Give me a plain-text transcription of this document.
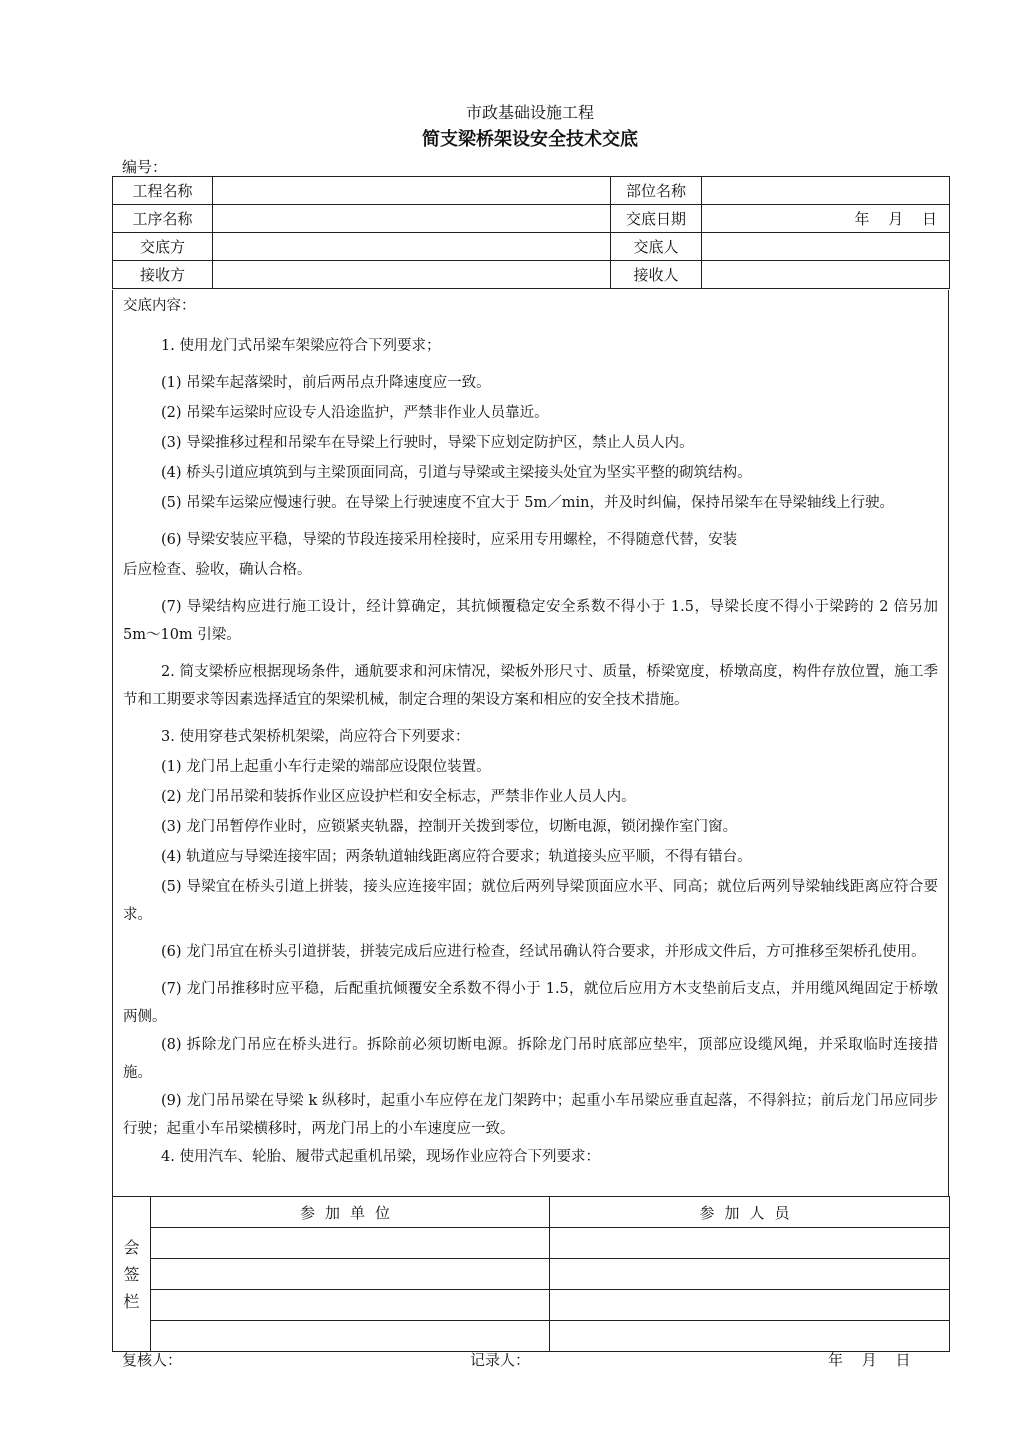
市政基础设施工程
简支梁桥架设安全技术交底
编号：
工程名称		部位名称	
工序名称		交底日期	年 月 日
交底方		交底人	
接收方		接收人	
交底内容：

1. 使用龙门式吊梁车架梁应符合下列要求；

(1) 吊梁车起落梁时，前后两吊点升降速度应一致。

(2) 吊梁车运梁时应设专人沿途监护，严禁非作业人员靠近。

(3) 导梁推移过程和吊梁车在导梁上行驶时，导梁下应划定防护区，禁止人员人内。

(4) 桥头引道应填筑到与主梁顶面同高，引道与导梁或主梁接头处宜为坚实平整的砌筑结构。

(5) 吊梁车运梁应慢速行驶。在导梁上行驶速度不宜大于 5m／min，并及时纠偏，保持吊梁车在导梁轴线上行驶。

(6) 导梁安装应平稳，导梁的节段连接采用栓接时，应采用专用螺栓，不得随意代替，安装

后应检查、验收，确认合格。

(7) 导梁结构应进行施工设计，经计算确定，其抗倾覆稳定安全系数不得小于 1.5，导梁长度不得小于梁跨的 2 倍另加 5m～10m 引梁。

2. 简支梁桥应根据现场条件，通航要求和河床情况，梁板外形尺寸、质量，桥梁宽度，桥墩高度，构件存放位置，施工季节和工期要求等因素选择适宜的架梁机械，制定合理的架设方案和相应的安全技术措施。

3. 使用穿巷式架桥机架梁，尚应符合下列要求：

(1) 龙门吊上起重小车行走梁的端部应设限位装置。

(2) 龙门吊吊梁和装拆作业区应设护栏和安全标志，严禁非作业人员人内。

(3) 龙门吊暂停作业时，应锁紧夹轨器，控制开关拨到零位，切断电源，锁闭操作室门窗。

(4) 轨道应与导梁连接牢固；两条轨道轴线距离应符合要求；轨道接头应平顺，不得有错台。

(5) 导梁宜在桥头引道上拼装，接头应连接牢固；就位后两列导梁顶面应水平、同高；就位后两列导梁轴线距离应符合要求。

(6) 龙门吊宜在桥头引道拼装，拼装完成后应进行检查，经试吊确认符合要求，并形成文件后，方可推移至架桥孔使用。

(7) 龙门吊推移时应平稳，后配重抗倾覆安全系数不得小于 1.5，就位后应用方木支垫前后支点，并用缆风绳固定于桥墩两侧。

(8) 拆除龙门吊应在桥头进行。拆除前必须切断电源。拆除龙门吊时底部应垫牢，顶部应设缆风绳，并采取临时连接措施。

(9) 龙门吊吊梁在导梁 k 纵移时，起重小车应停在龙门架跨中；起重小车吊梁应垂直起落，不得斜拉；前后龙门吊应同步行驶；起重小车吊梁横移时，两龙门吊上的小车速度应一致。

4. 使用汽车、轮胎、履带式起重机吊梁，现场作业应符合下列要求：

会
签
栏	参加单位	参加人员

复核人：	记录人：	年 月 日
